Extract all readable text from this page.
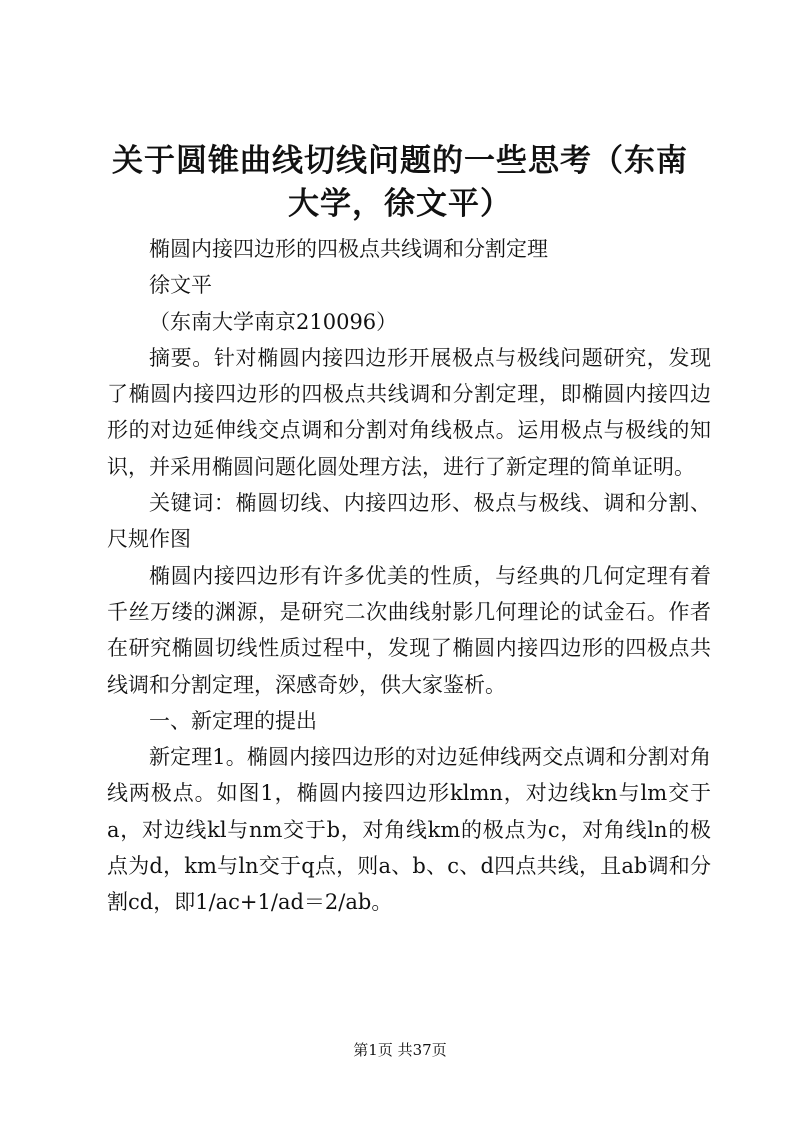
关于圆锥曲线切线问题的一些思考（东南大学，徐文平）

椭圆内接四边形的四极点共线调和分割定理

徐文平

（东南大学南京210096）

摘要。针对椭圆内接四边形开展极点与极线问题研究，发现了椭圆内接四边形的四极点共线调和分割定理，即椭圆内接四边形的对边延伸线交点调和分割对角线极点。运用极点与极线的知识，并采用椭圆问题化圆处理方法，进行了新定理的简单证明。

关键词：椭圆切线、内接四边形、极点与极线、调和分割、尺规作图

椭圆内接四边形有许多优美的性质，与经典的几何定理有着千丝万缕的渊源，是研究二次曲线射影几何理论的试金石。作者在研究椭圆切线性质过程中，发现了椭圆内接四边形的四极点共线调和分割定理，深感奇妙，供大家鉴析。

一、新定理的提出

新定理1。椭圆内接四边形的对边延伸线两交点调和分割对角线两极点。如图1，椭圆内接四边形klmn，对边线kn与lm交于a，对边线kl与nm交于b，对角线km的极点为c，对角线ln的极点为d，km与ln交于q点，则a、b、c、d四点共线，且ab调和分割cd，即1/ac+1/ad＝2/ab。

第1页 共37页
